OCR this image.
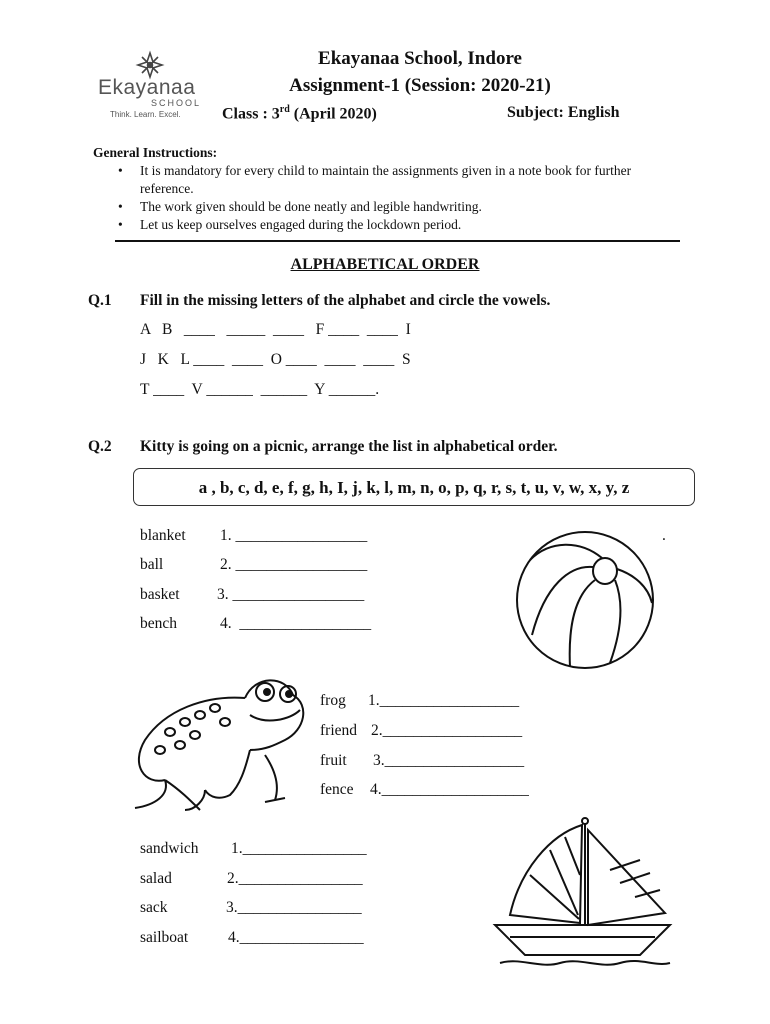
Ekayanaa
SCHOOL
Think. Learn. Excel.
Ekayanaa School, Indore
Assignment-1 (Session: 2020-21)
Class : 3rd (April 2020)	Subject: English
General Instructions:
• It is mandatory for every child to maintain the assignments given in a note book for further reference.
• The work given should be done neatly and legible handwriting.
• Let us keep ourselves engaged during the lockdown period.
ALPHABETICAL ORDER
Q.1 Fill in the missing letters of the alphabet and circle the vowels.
A   B   ____   _____  ____   F ____  ____  I
J   K   L ____  ____  O ____  ____  ____  S
T ____  V ______  ______  Y ______.
Q.2 Kitty is going on a picnic, arrange the list in alphabetical order.
a , b, c, d, e, f, g, h, I, j, k, l, m, n, o, p, q, r, s, t, u, v, w, x, y, z
blanket
ball
basket
bench
1. _________________
2. _________________
3. _________________
4.  _________________
.
frog
friend
fruit
fence
1.__________________
2.__________________
3.__________________
4.___________________
sandwich
salad
sack
sailboat
1.________________
2.________________
3.________________
4.________________
